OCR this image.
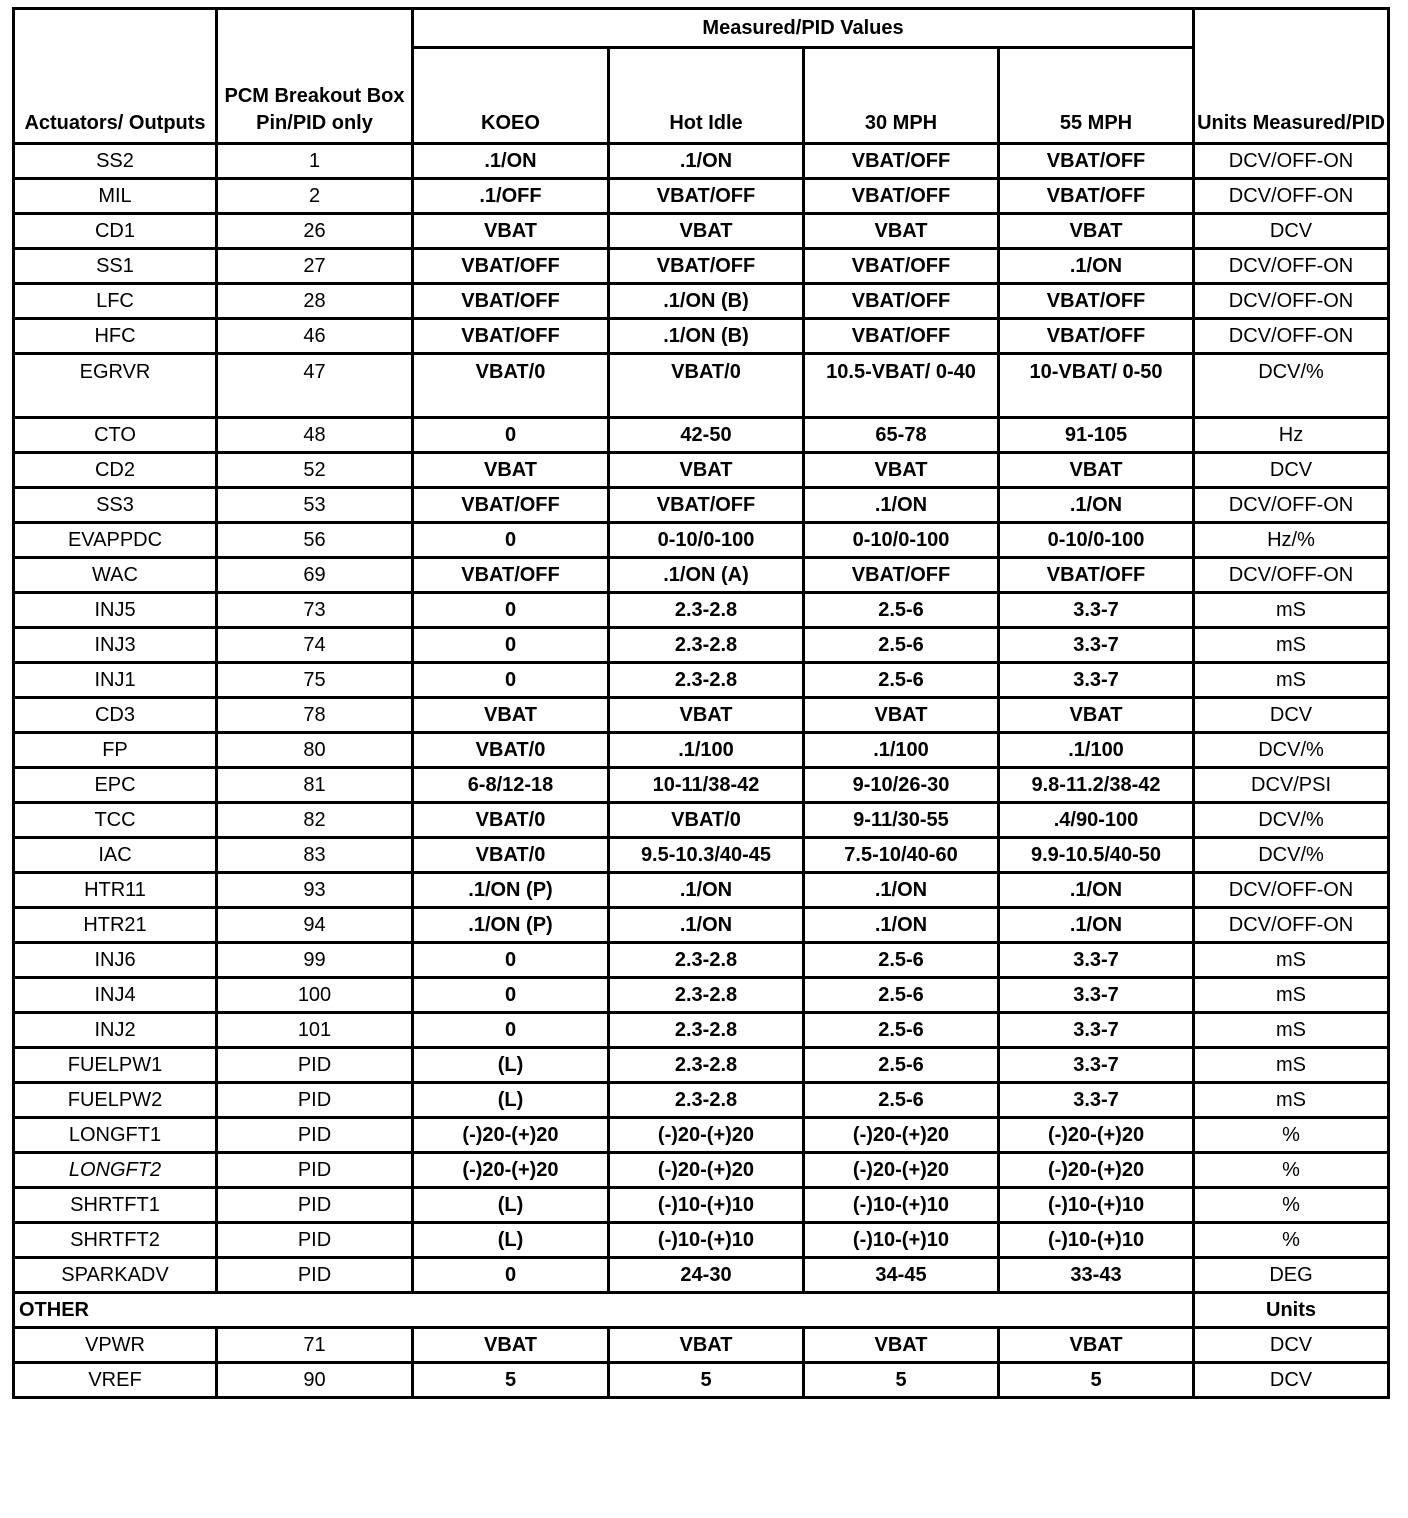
Actuators/ Outputs	PCM Breakout Box Pin/PID only	Measured/PID Values				Units Measured/PID
		KOEO	Hot Idle	30 MPH	55 MPH	
SS2	1	.1/ON	.1/ON	VBAT/OFF	VBAT/OFF	DCV/OFF-ON
MIL	2	.1/OFF	VBAT/OFF	VBAT/OFF	VBAT/OFF	DCV/OFF-ON
CD1	26	VBAT	VBAT	VBAT	VBAT	DCV
SS1	27	VBAT/OFF	VBAT/OFF	VBAT/OFF	.1/ON	DCV/OFF-ON
LFC	28	VBAT/OFF	.1/ON (B)	VBAT/OFF	VBAT/OFF	DCV/OFF-ON
HFC	46	VBAT/OFF	.1/ON (B)	VBAT/OFF	VBAT/OFF	DCV/OFF-ON
EGRVR	47	VBAT/0	VBAT/0	10.5-VBAT/ 0-40	10-VBAT/ 0-50	DCV/%
CTO	48	0	42-50	65-78	91-105	Hz
CD2	52	VBAT	VBAT	VBAT	VBAT	DCV
SS3	53	VBAT/OFF	VBAT/OFF	.1/ON	.1/ON	DCV/OFF-ON
EVAPPDC	56	0	0-10/0-100	0-10/0-100	0-10/0-100	Hz/%
WAC	69	VBAT/OFF	.1/ON (A)	VBAT/OFF	VBAT/OFF	DCV/OFF-ON
INJ5	73	0	2.3-2.8	2.5-6	3.3-7	mS
INJ3	74	0	2.3-2.8	2.5-6	3.3-7	mS
INJ1	75	0	2.3-2.8	2.5-6	3.3-7	mS
CD3	78	VBAT	VBAT	VBAT	VBAT	DCV
FP	80	VBAT/0	.1/100	.1/100	.1/100	DCV/%
EPC	81	6-8/12-18	10-11/38-42	9-10/26-30	9.8-11.2/38-42	DCV/PSI
TCC	82	VBAT/0	VBAT/0	9-11/30-55	.4/90-100	DCV/%
IAC	83	VBAT/0	9.5-10.3/40-45	7.5-10/40-60	9.9-10.5/40-50	DCV/%
HTR11	93	.1/ON (P)	.1/ON	.1/ON	.1/ON	DCV/OFF-ON
HTR21	94	.1/ON (P)	.1/ON	.1/ON	.1/ON	DCV/OFF-ON
INJ6	99	0	2.3-2.8	2.5-6	3.3-7	mS
INJ4	100	0	2.3-2.8	2.5-6	3.3-7	mS
INJ2	101	0	2.3-2.8	2.5-6	3.3-7	mS
FUELPW1	PID	(L)	2.3-2.8	2.5-6	3.3-7	mS
FUELPW2	PID	(L)	2.3-2.8	2.5-6	3.3-7	mS
LONGFT1	PID	(-)20-(+)20	(-)20-(+)20	(-)20-(+)20	(-)20-(+)20	%
LONGFT2	PID	(-)20-(+)20	(-)20-(+)20	(-)20-(+)20	(-)20-(+)20	%
SHRTFT1	PID	(L)	(-)10-(+)10	(-)10-(+)10	(-)10-(+)10	%
SHRTFT2	PID	(L)	(-)10-(+)10	(-)10-(+)10	(-)10-(+)10	%
SPARKADV	PID	0	24-30	34-45	33-43	DEG
OTHER						Units
VPWR	71	VBAT	VBAT	VBAT	VBAT	DCV
VREF	90	5	5	5	5	DCV
